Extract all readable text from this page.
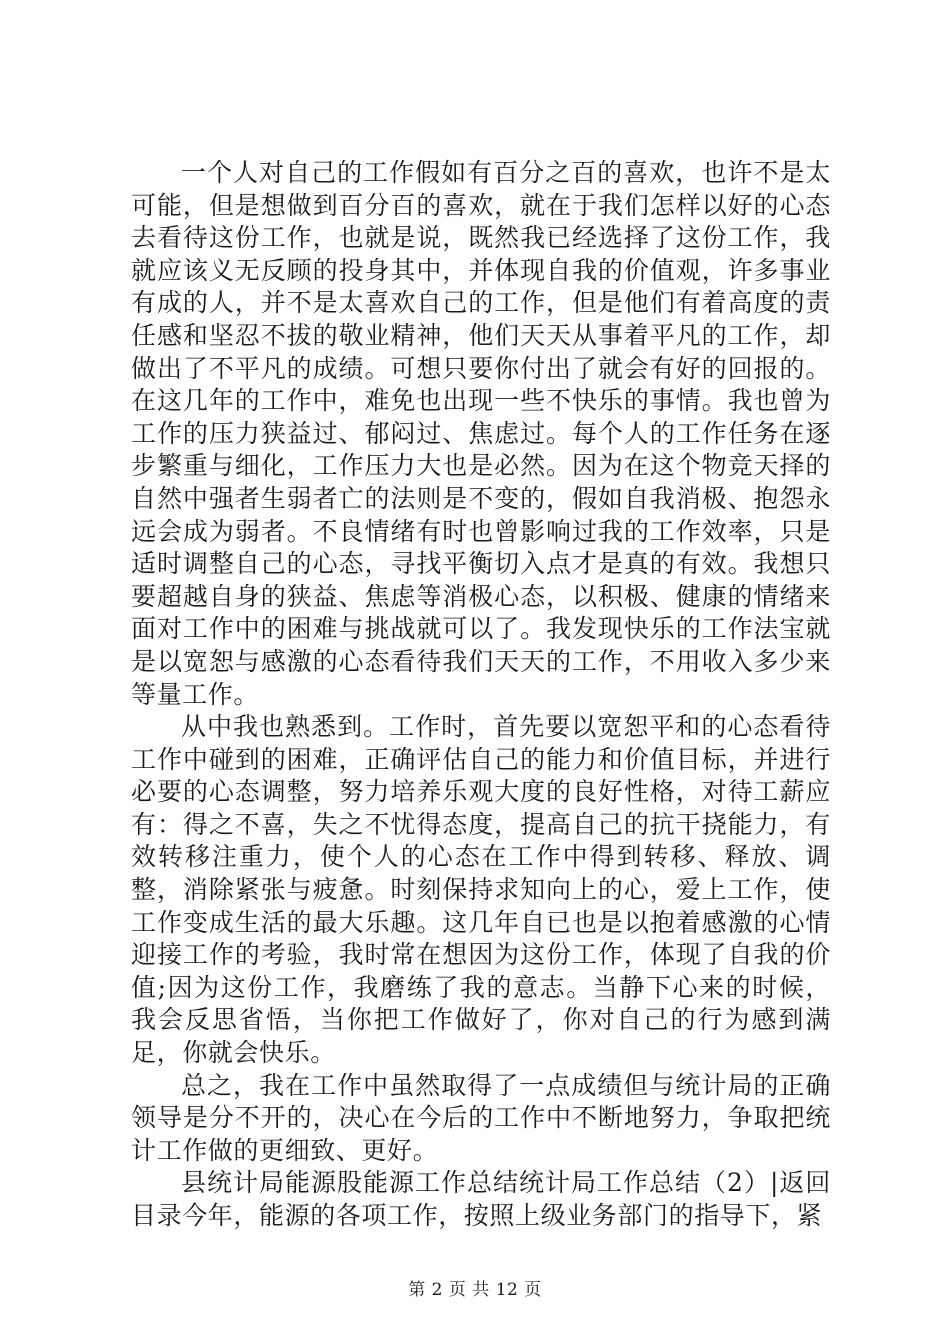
一个人对自己的工作假如有百分之百的喜欢，也许不是太可能，但是想做到百分百的喜欢，就在于我们怎样以好的心态去看待这份工作，也就是说，既然我已经选择了这份工作，我就应该义无反顾的投身其中，并体现自我的价值观，许多事业有成的人，并不是太喜欢自己的工作，但是他们有着高度的责任感和坚忍不拔的敬业精神，他们天天从事着平凡的工作，却做出了不平凡的成绩。可想只要你付出了就会有好的回报的。在这几年的工作中，难免也出现一些不快乐的事情。我也曾为工作的压力狭益过、郁闷过、焦虑过。每个人的工作任务在逐步繁重与细化，工作压力大也是必然。因为在这个物竞天择的自然中强者生弱者亡的法则是不变的，假如自我消极、抱怨永远会成为弱者。不良情绪有时也曾影响过我的工作效率，只是适时调整自己的心态，寻找平衡切入点才是真的有效。我想只要超越自身的狭益、焦虑等消极心态，以积极、健康的情绪来面对工作中的困难与挑战就可以了。我发现快乐的工作法宝就是以宽恕与感激的心态看待我们天天的工作，不用收入多少来等量工作。

从中我也熟悉到。工作时，首先要以宽恕平和的心态看待工作中碰到的困难，正确评估自己的能力和价值目标，并进行必要的心态调整，努力培养乐观大度的良好性格，对待工薪应有：得之不喜，失之不忧得态度，提高自己的抗干挠能力，有效转移注重力，使个人的心态在工作中得到转移、释放、调整，消除紧张与疲惫。时刻保持求知向上的心，爱上工作，使工作变成生活的最大乐趣。这几年自已也是以抱着感激的心情迎接工作的考验，我时常在想因为这份工作，体现了自我的价值;因为这份工作，我磨练了我的意志。当静下心来的时候，我会反思省悟，当你把工作做好了，你对自己的行为感到满足，你就会快乐。

总之，我在工作中虽然取得了一点成绩但与统计局的正确领导是分不开的，决心在今后的工作中不断地努力，争取把统计工作做的更细致、更好。

县统计局能源股能源工作总结统计局工作总结（2）|返回目录今年，能源的各项工作，按照上级业务部门的指导下，紧

第 2 页 共 12 页
